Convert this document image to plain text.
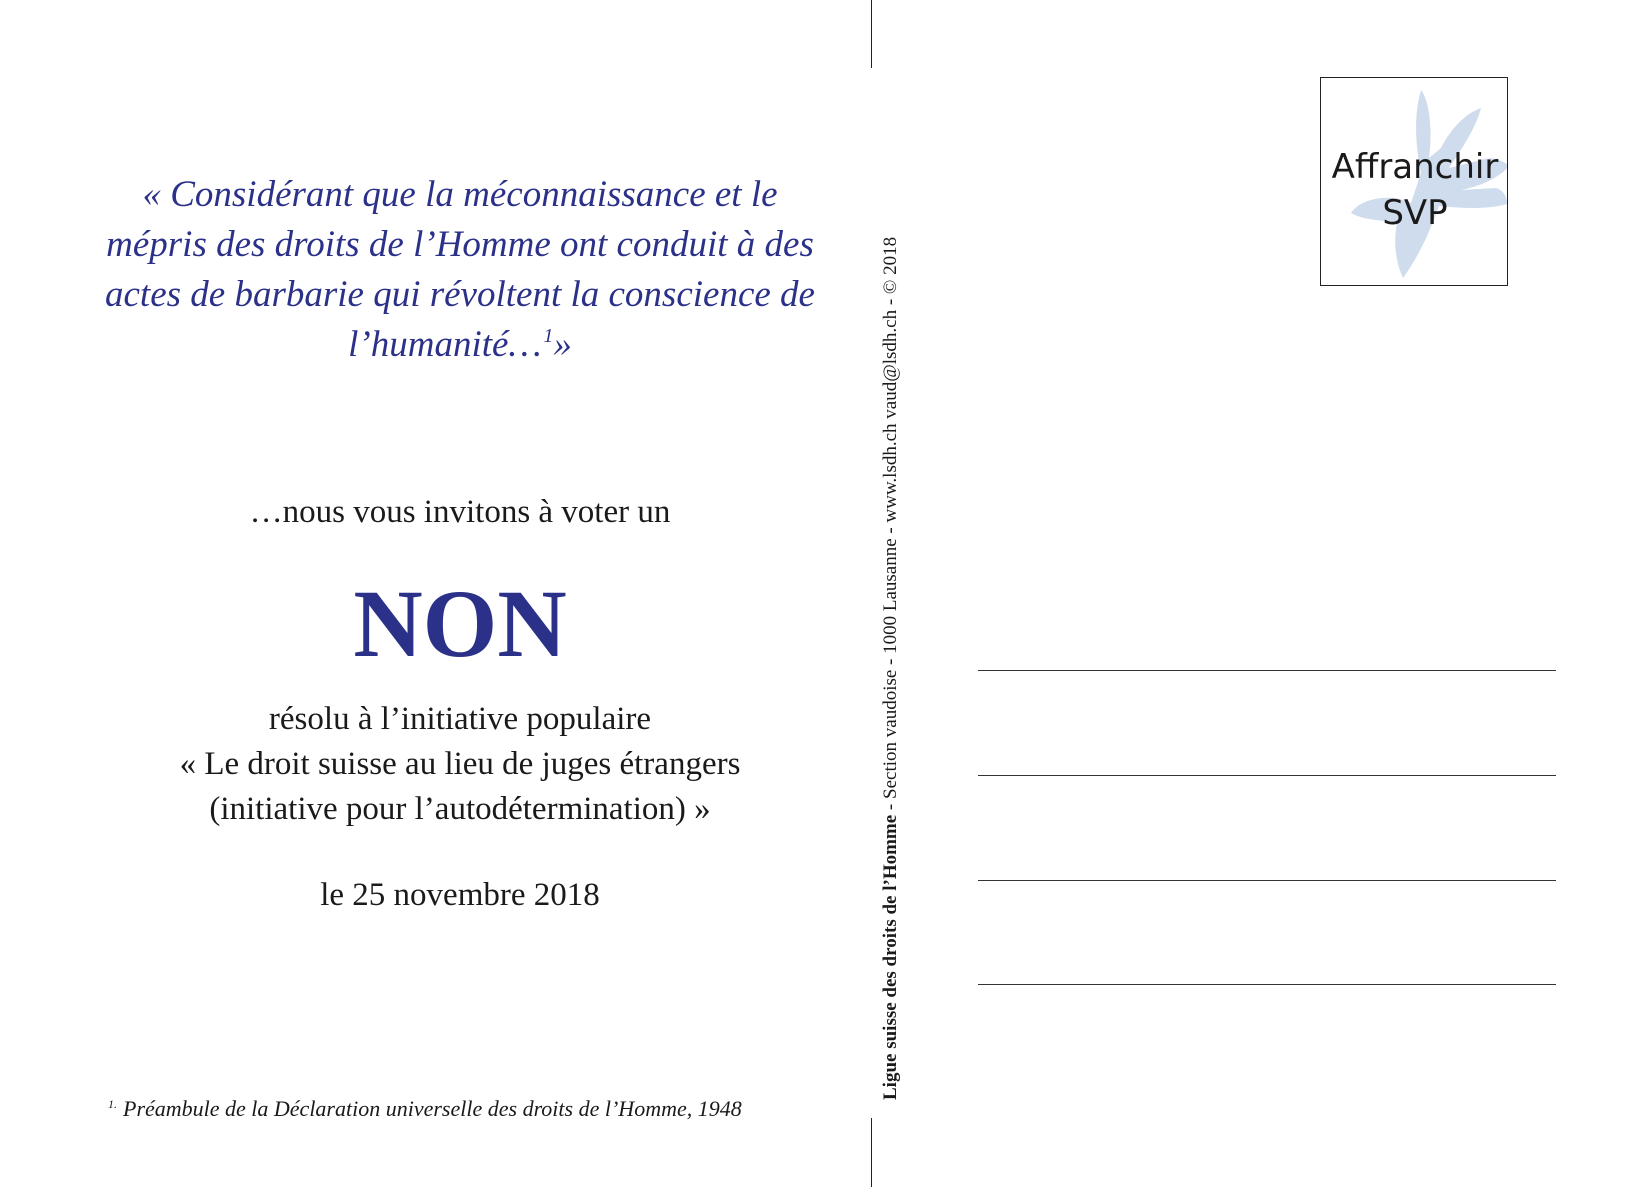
« Considérant que la méconnaissance et le
mépris des droits de l’Homme ont conduit à des
actes de barbarie qui révoltent la conscience de
l’humanité… $^1$»
…nous vous invitons à voter un
NON
résolu à l’initiative populaire
« Le droit suisse au lieu de juges étrangers
(initiative pour l’autodétermination) »
le 25 novembre 2018
$^{1.}$ Préambule de la Déclaration universelle des droits de l’Homme, 1948
Ligue suisse des droits de l’Homme - Section vaudoise - 1000 Lausanne - www.lsdh.ch vaud@lsdh.ch - © 2018
Affranchir
SVP
